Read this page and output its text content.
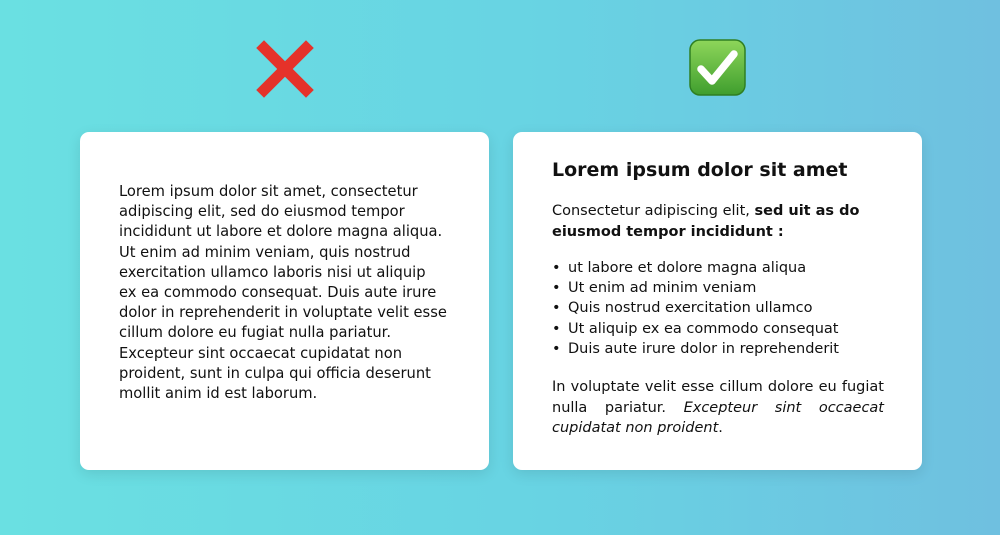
Lorem ipsum dolor sit amet, consectetur adipiscing elit, sed do eiusmod tempor incididunt ut labore et dolore magna aliqua. Ut enim ad minim veniam, quis nostrud exercitation ullamco laboris nisi ut aliquip ex ea commodo consequat. Duis aute irure dolor in reprehenderit in voluptate velit esse cillum dolore eu fugiat nulla pariatur. Excepteur sint occaecat cupidatat non proident, sunt in culpa qui officia deserunt mollit anim id est laborum.

Lorem ipsum dolor sit amet

Consectetur adipiscing elit, sed uit as do eiusmod tempor incididunt :

• ut labore et dolore magna aliqua
• Ut enim ad minim veniam
• Quis nostrud exercitation ullamco
• Ut aliquip ex ea commodo consequat
• Duis aute irure dolor in reprehenderit

In voluptate velit esse cillum dolore eu fugiat nulla pariatur. Excepteur sint occaecat cupidatat non proident.
